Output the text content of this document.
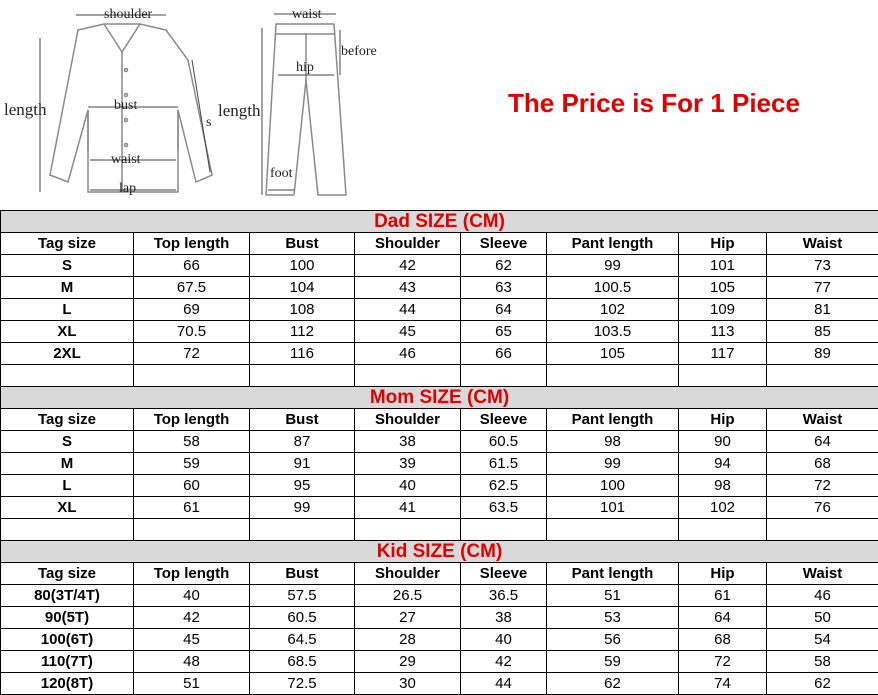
shoulder
length	bust
s
waist
lap
waist
before
hip
length
foot
The Price is For 1 Piece
Dad SIZE (CM)							
Tag size	Top length	Bust	Shoulder	Sleeve	Pant length	Hip	Waist
S	66	100	42	62	99	101	73
M	67.5	104	43	63	100.5	105	77
L	69	108	44	64	102	109	81
XL	70.5	112	45	65	103.5	113	85
2XL	72	116	46	66	105	117	89

Mom SIZE (CM)							
Tag size	Top length	Bust	Shoulder	Sleeve	Pant length	Hip	Waist
S	58	87	38	60.5	98	90	64
M	59	91	39	61.5	99	94	68
L	60	95	40	62.5	100	98	72
XL	61	99	41	63.5	101	102	76

Kid SIZE (CM)							
Tag size	Top length	Bust	Shoulder	Sleeve	Pant length	Hip	Waist
80(3T/4T)	40	57.5	26.5	36.5	51	61	46
90(5T)	42	60.5	27	38	53	64	50
100(6T)	45	64.5	28	40	56	68	54
110(7T)	48	68.5	29	42	59	72	58
120(8T)	51	72.5	30	44	62	74	62
